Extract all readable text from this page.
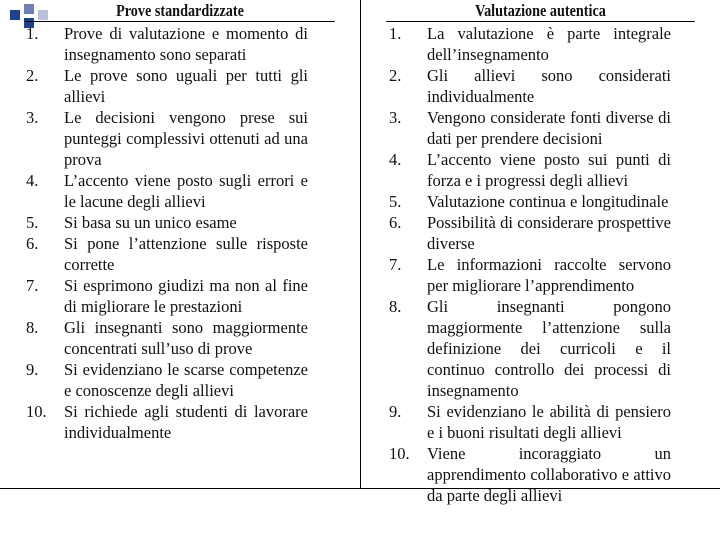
Prove standardizzate
1.	Prove di valutazione e momento di insegnamento sono separati
2.	Le prove sono uguali per tutti gli allievi
3.	Le decisioni vengono prese sui punteggi complessivi ottenuti ad una prova
4.	L’accento viene posto sugli errori e le lacune degli allievi
5.	Si basa su un unico esame
6.	Si pone l’attenzione sulle risposte corrette
7.	Si esprimono giudizi ma non al fine di migliorare le prestazioni
8.	Gli insegnanti sono maggiormente concentrati sull’uso di prove
9.	Si evidenziano le scarse competenze e conoscenze degli allievi
10.	Si richiede agli studenti di lavorare individualmente
Valutazione autentica
1.	La valutazione è parte integrale dell’insegnamento
2.	Gli allievi sono considerati individualmente
3.	Vengono considerate fonti diverse di dati per prendere decisioni
4.	L’accento viene posto sui punti di forza e i progressi degli allievi
5.	Valutazione continua e longitudinale
6.	Possibilità di considerare prospettive diverse
7.	Le informazioni raccolte servono per migliorare l’apprendimento
8.	Gli insegnanti pongono maggiormente l’attenzione sulla definizione dei curricoli e il continuo controllo dei processi di insegnamento
9.	Si evidenziano le abilità di pensiero e i buoni risultati degli allievi
10.	Viene incoraggiato un apprendimento collaborativo e attivo da parte degli allievi
